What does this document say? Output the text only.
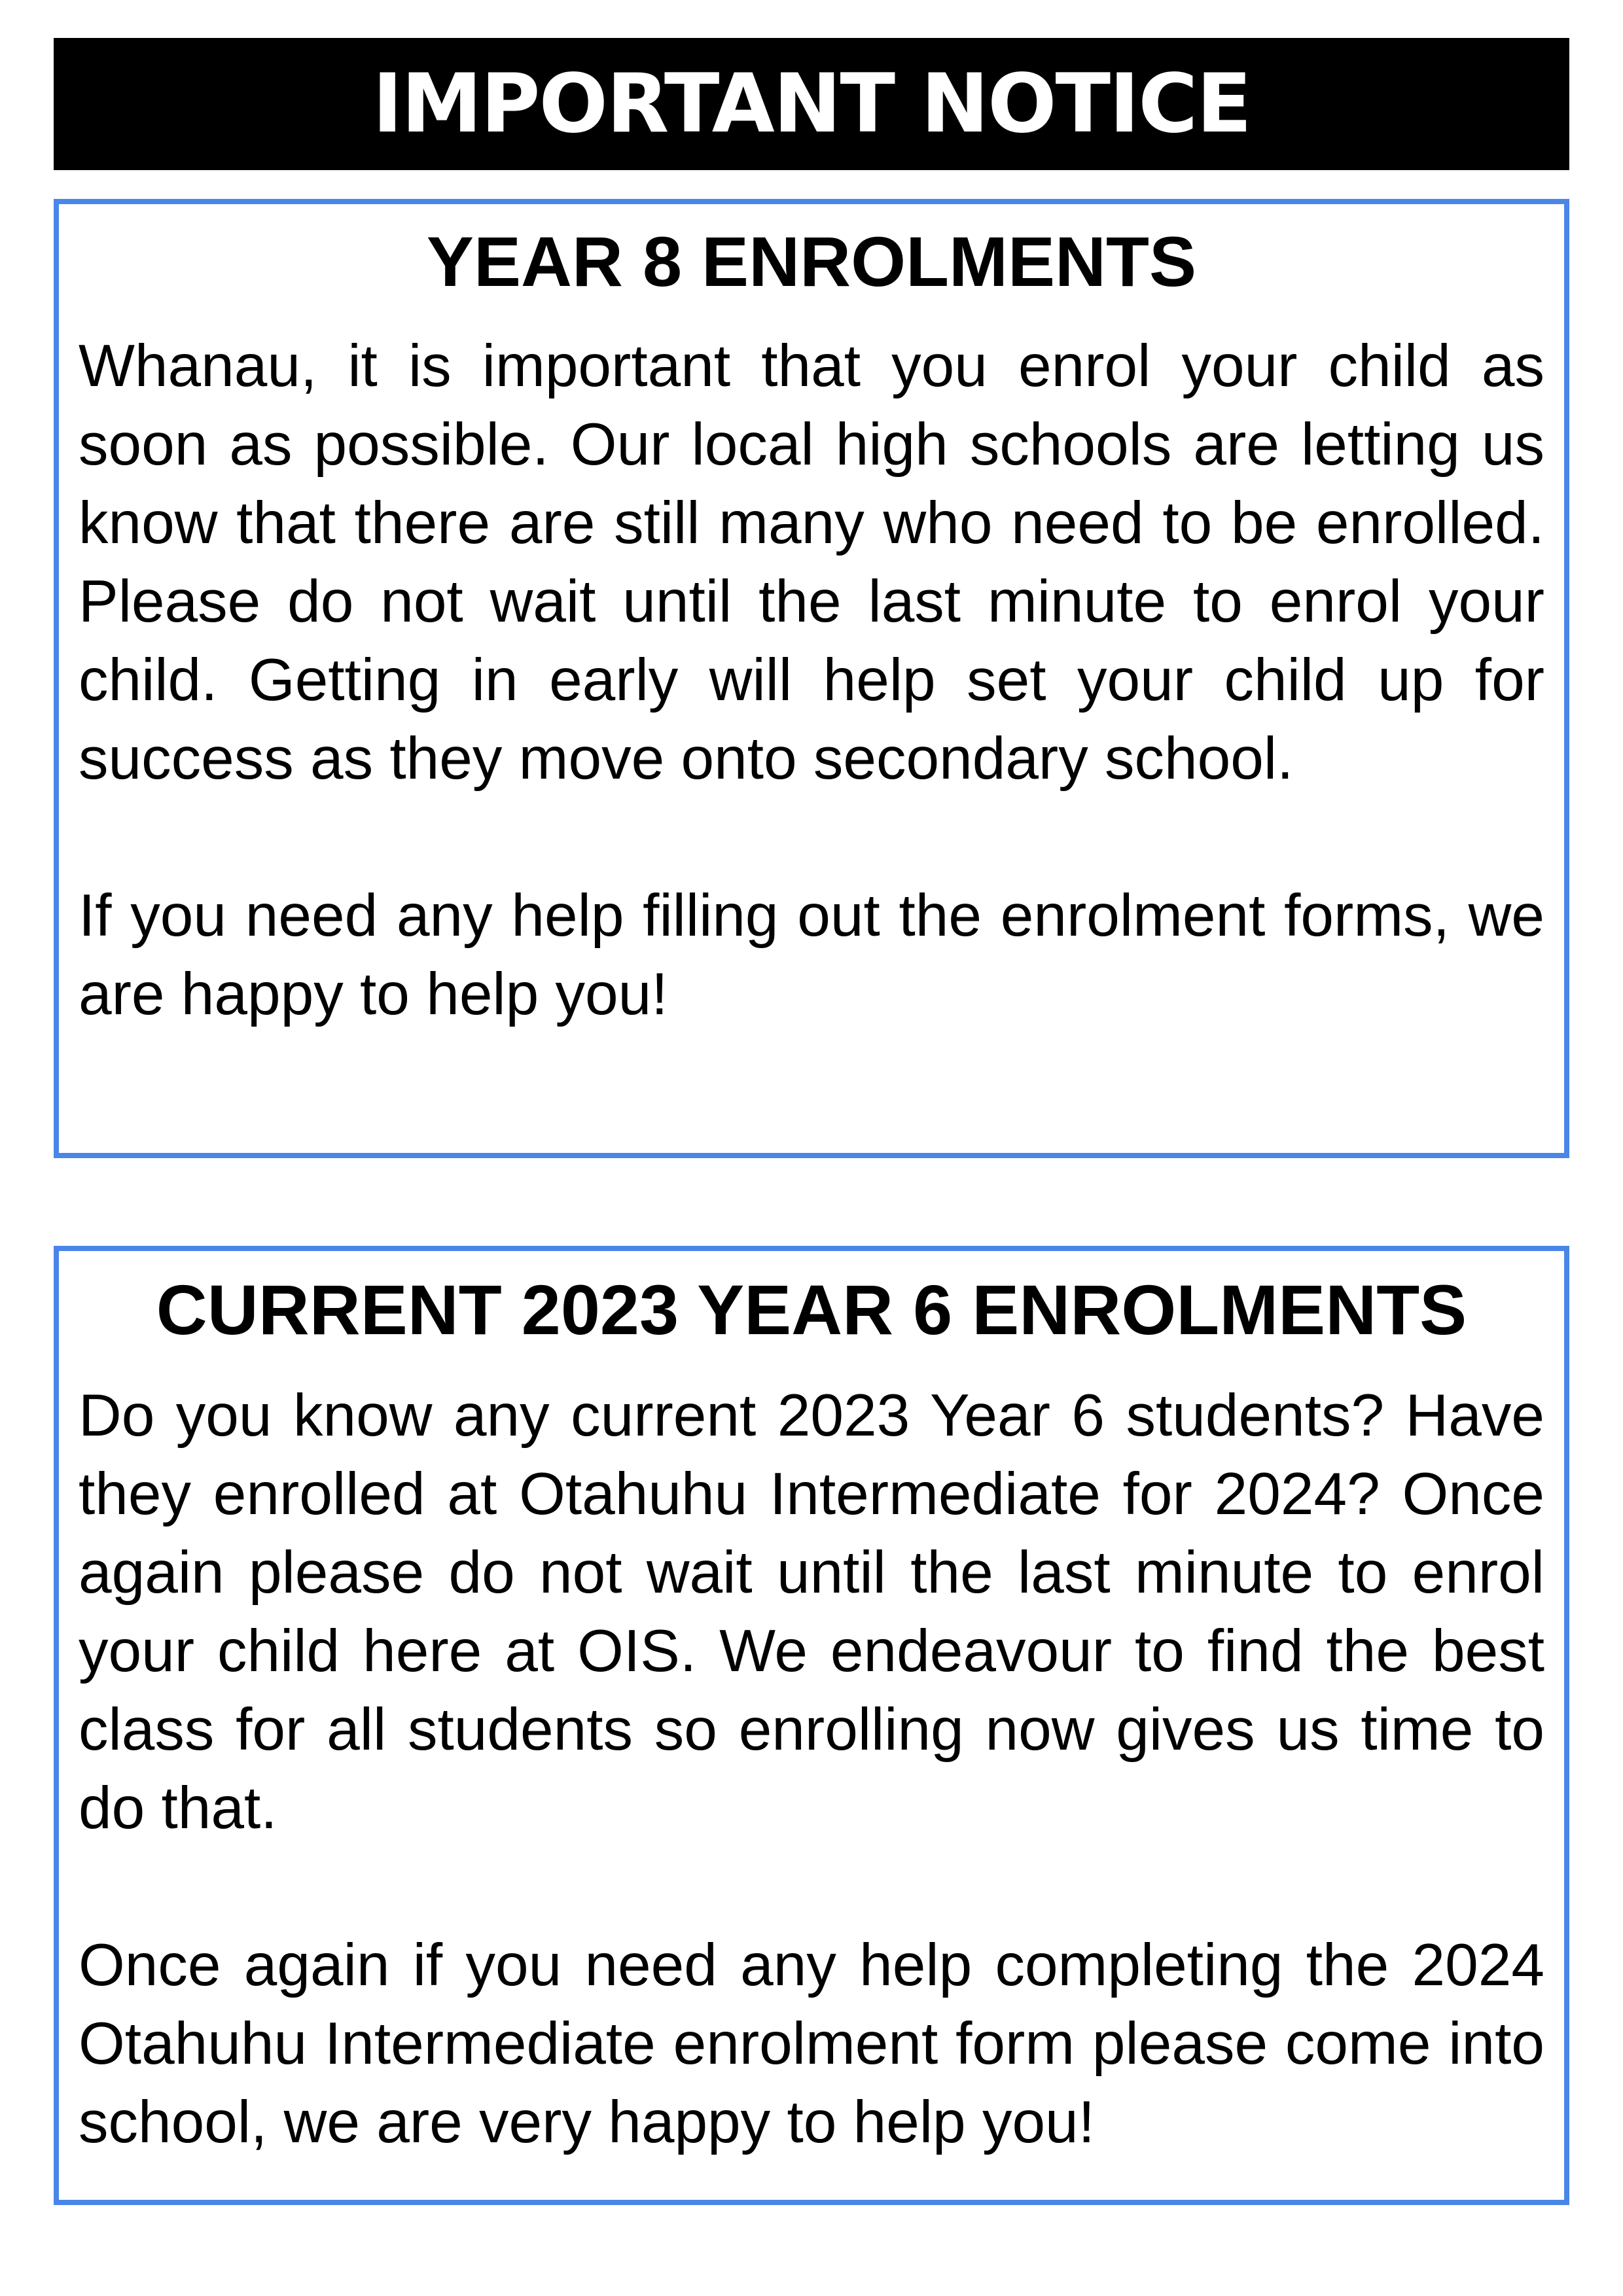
IMPORTANT NOTICE
YEAR 8 ENROLMENTS

Whanau, it is important that you enrol your child as soon as possible. Our local high schools are letting us know that there are still many who need to be enrolled. Please do not wait until the last minute to enrol your child. Getting in early will help set your child up for success as they move onto secondary school.

If you need any help filling out the enrolment forms, we are happy to help you!

CURRENT 2023 YEAR 6 ENROLMENTS

Do you know any current 2023 Year 6 students? Have they enrolled at Otahuhu Intermediate for 2024? Once again please do not wait until the last minute to enrol your child here at OIS. We endeavour to find the best class for all students so enrolling now gives us time to do that.

Once again if you need any help completing the 2024 Otahuhu Intermediate enrolment form please come into school, we are very happy to help you!
